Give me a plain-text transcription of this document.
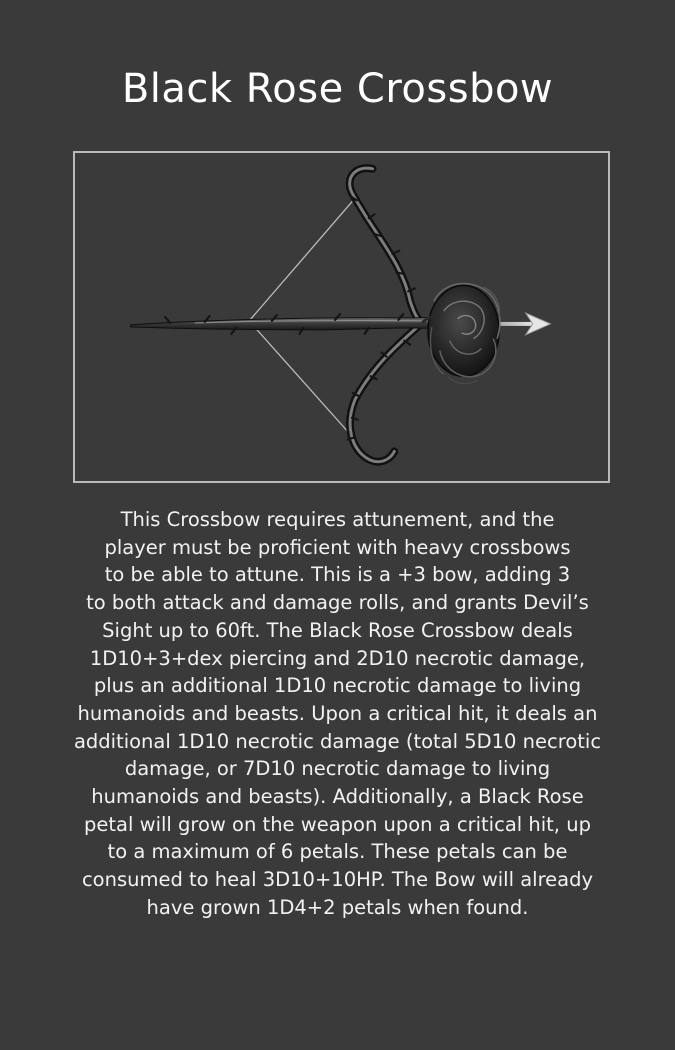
Black Rose Crossbow

This Crossbow requires attunement, and the
player must be proficient with heavy crossbows
to be able to attune. This is a +3 bow, adding 3
to both attack and damage rolls, and grants Devil’s
Sight up to 60ft. The Black Rose Crossbow deals
1D10+3+dex piercing and 2D10 necrotic damage,
plus an additional 1D10 necrotic damage to living
humanoids and beasts. Upon a critical hit, it deals an
additional 1D10 necrotic damage (total 5D10 necrotic
damage, or 7D10 necrotic damage to living
humanoids and beasts). Additionally, a Black Rose
petal will grow on the weapon upon a critical hit, up
to a maximum of 6 petals. These petals can be
consumed to heal 3D10+10HP. The Bow will already
have grown 1D4+2 petals when found.
